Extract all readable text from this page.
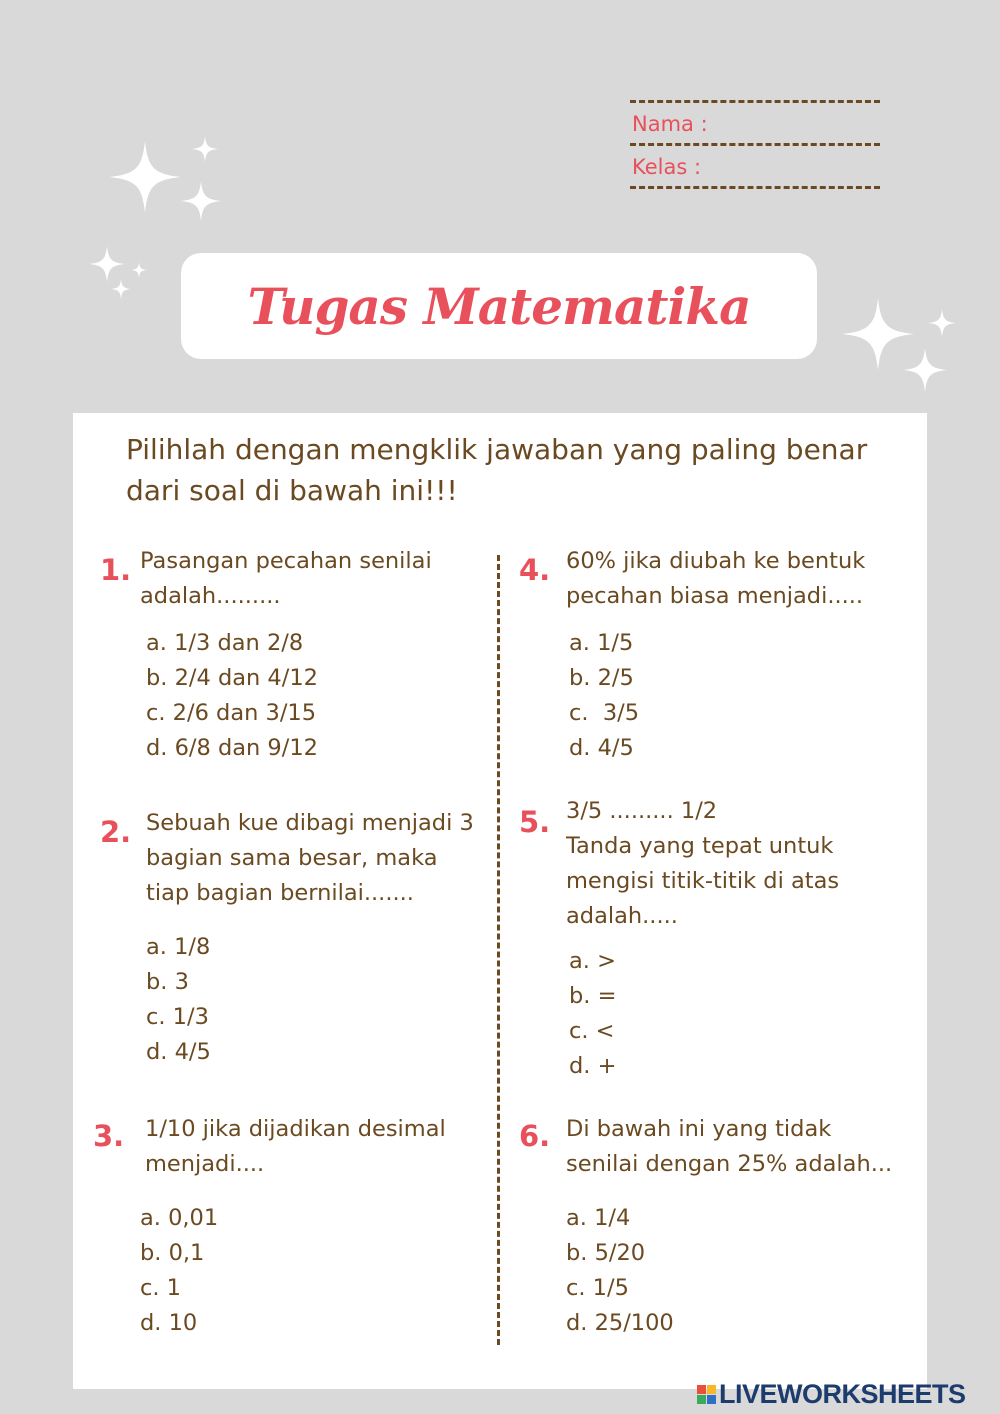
Nama :
Kelas :
Tugas Matematika
Pilihlah dengan mengklik jawaban yang paling benar dari soal di bawah ini!!!
1. Pasangan pecahan senilai adalah.........
a. 1/3 dan 2/8
b. 2/4 dan 4/12
c. 2/6 dan 3/15
d. 6/8 dan 9/12
2. Sebuah kue dibagi menjadi 3 bagian sama besar, maka tiap bagian bernilai.......
a. 1/8
b. 3
c. 1/3
d. 4/5
3. 1/10 jika dijadikan desimal menjadi....
a. 0,01
b. 0,1
c. 1
d. 10
4. 60% jika diubah ke bentuk pecahan biasa menjadi.....
a. 1/5
b. 2/5
c.  3/5
d. 4/5
5. 3/5 ......... 1/2
Tanda yang tepat untuk mengisi titik-titik di atas adalah.....
a. >
b. =
c. <
d. +
6. Di bawah ini yang tidak senilai dengan 25% adalah...
a. 1/4
b. 5/20
c. 1/5
d. 25/100
LIVEWORKSHEETS
